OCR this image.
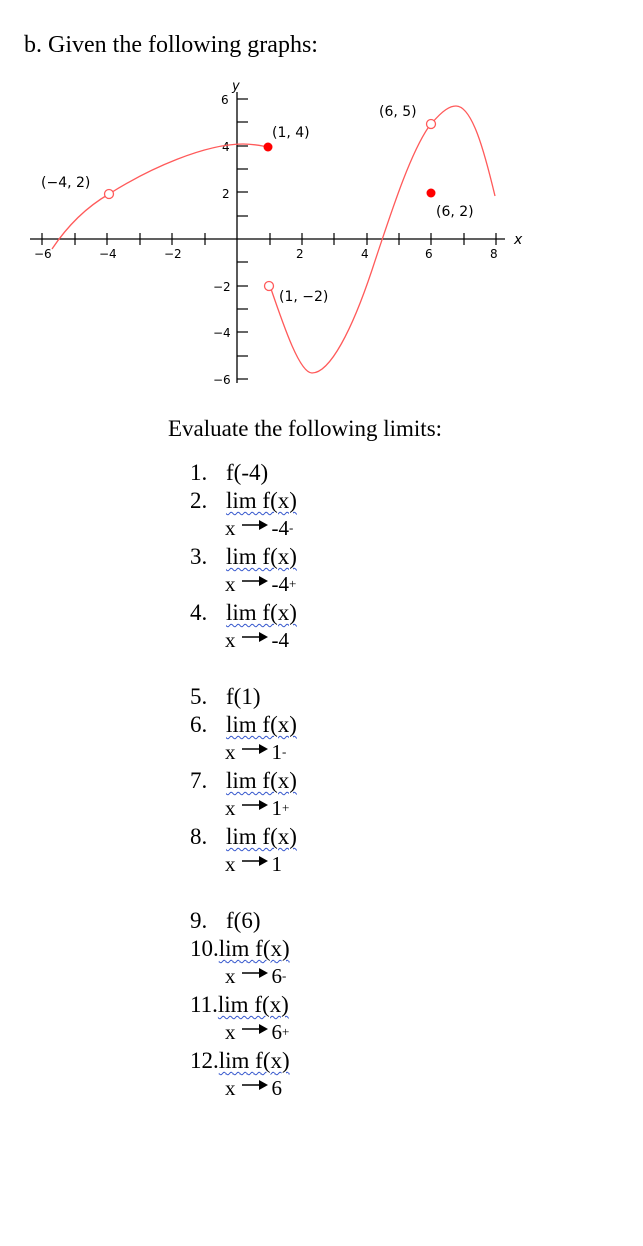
b. Given the following graphs:
−6	−4	−2	2	4	6	8
6
4
2
−2
−4
−6
y
x
(−4, 2)
(1, 4)
(1, −2)
(6, 5)
(6, 2)
Evaluate the following limits:
1. f(-4)
2. lim f(x)
x -4-
3. lim f(x)
x -4+
4. lim f(x)
x -4
5. f(1)
6. lim f(x)
x 1-
7. lim f(x)
x 1+
8. lim f(x)
x 1
9. f(6)
10.lim f(x)
x 6-
11.lim f(x)
x 6+
12.lim f(x)
x 6
